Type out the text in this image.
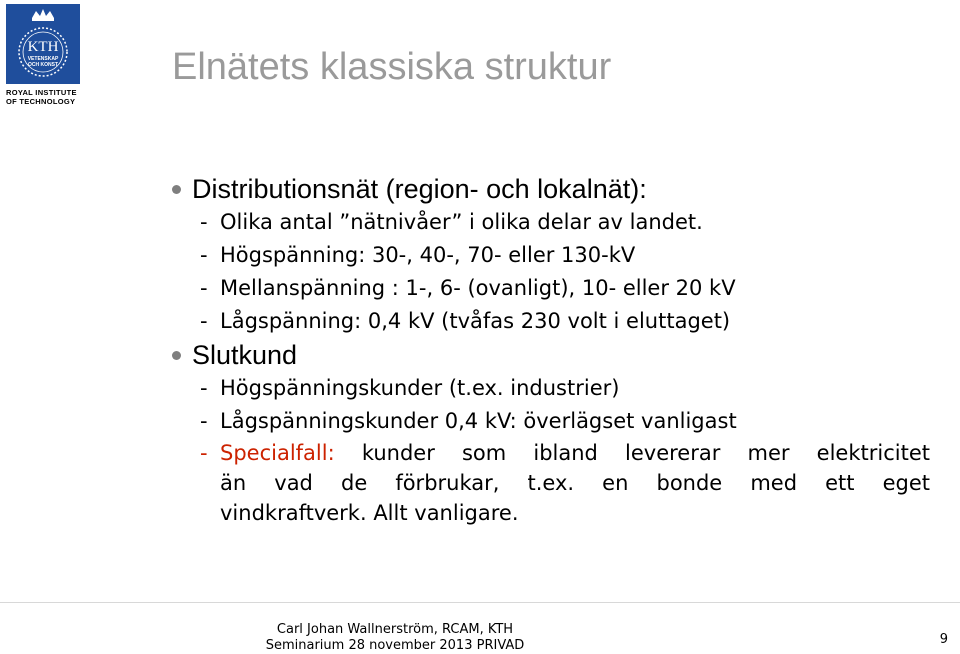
KTH
VETENSKAP
OCH KONST
ROYAL INSTITUTE
OF TECHNOLOGY
Elnätets klassiska struktur
Distributionsnät (region- och lokalnät):
- Olika antal ”nätnivåer” i olika delar av landet.
- Högspänning: 30-, 40-, 70- eller 130-kV
- Mellanspänning : 1-, 6- (ovanligt), 10- eller 20 kV
- Lågspänning: 0,4 kV (tvåfas 230 volt i eluttaget)
Slutkund
- Högspänningskunder (t.ex. industrier)
- Lågspänningskunder 0,4 kV: överlägset vanligast
- Specialfall: kunder som ibland levererar mer elektricitet
än vad de förbrukar, t.ex. en bonde med ett eget
vindkraftverk. Allt vanligare.
Carl Johan Wallnerström, RCAM, KTH
Seminarium 28 november 2013 PRIVAD	9
